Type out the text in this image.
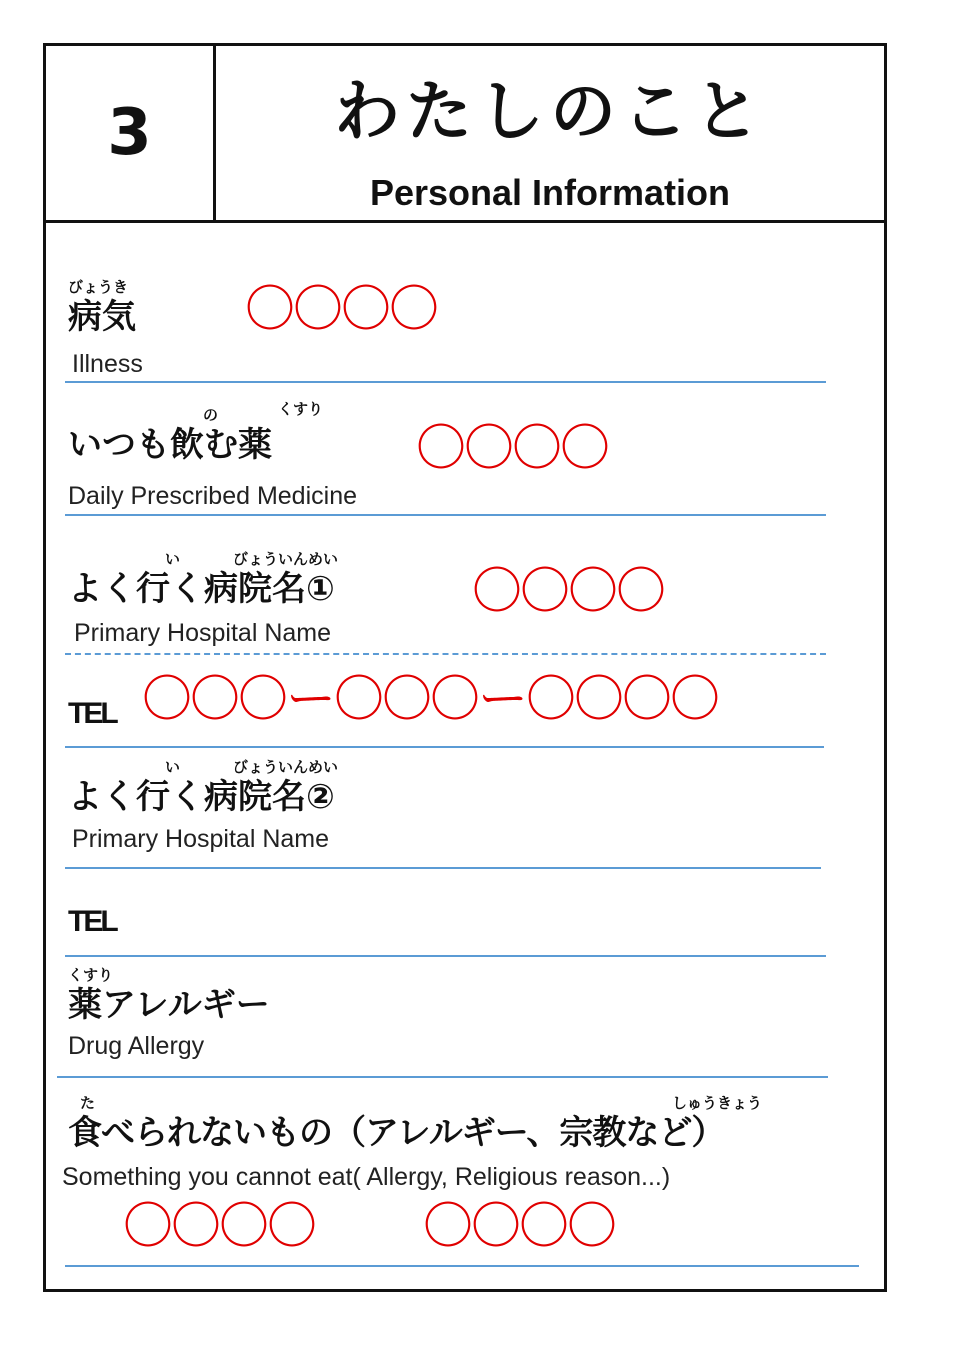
3	わたしのこと
Personal Information
びょうき
病気
Illness
〇〇〇〇
の	くすり
いつも飲む薬
Daily Prescribed Medicine
〇〇〇〇
い	びょういんめい
よく行く病院名①
Primary Hospital Name
〇〇〇〇
TEL 〇〇〇ー〇〇〇ー〇〇〇〇
い	びょういんめい
よく行く病院名②
Primary Hospital Name
TEL
くすり
薬アレルギー
Drug Allergy
た	しゅうきょう
食べられないもの（アレルギー、宗教など）
Something you cannot eat( Allergy, Religious reason...)
〇〇〇〇 〇〇〇〇
